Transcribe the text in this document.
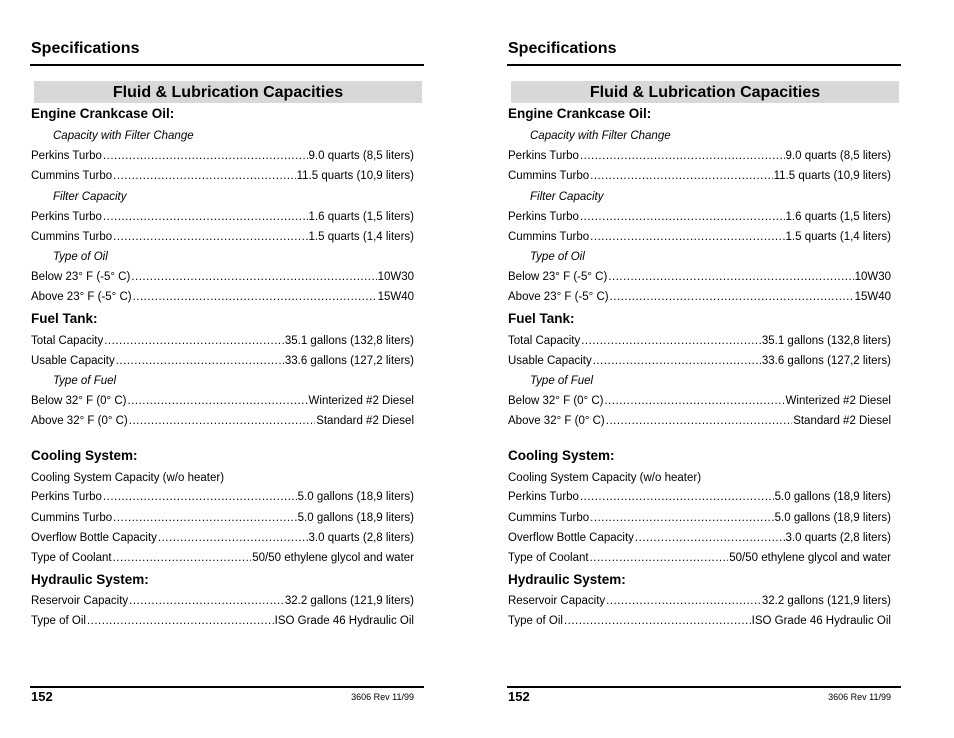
Specifications
Fluid & Lubrication Capacities
Engine Crankcase Oil:
Capacity with Filter Change
Perkins Turbo .....	9.0 quarts (8,5 liters)
Cummins Turbo .....	11.5 quarts (10,9 liters)
Filter Capacity
Perkins Turbo .....	1.6 quarts (1,5 liters)
Cummins Turbo .....	1.5 quarts (1,4 liters)
Type of Oil
Below 23° F (-5° C) .....	10W30
Above 23° F (-5° C) .....	15W40
Fuel Tank:
Total Capacity .....	35.1 gallons (132,8 liters)
Usable Capacity .....	33.6 gallons (127,2 liters)
Type of Fuel
Below 32° F (0° C) .....	Winterized #2 Diesel
Above 32° F (0° C) .....	Standard #2 Diesel
Cooling System:
Cooling System Capacity (w/o heater)
Perkins Turbo .....	5.0 gallons (18,9 liters)
Cummins Turbo .....	5.0 gallons (18,9 liters)
Overflow Bottle Capacity .....	3.0 quarts (2,8 liters)
Type of Coolant .....	50/50 ethylene glycol and water
Hydraulic System:
Reservoir Capacity .....	32.2 gallons (121,9 liters)
Type of Oil .....	ISO Grade 46 Hydraulic Oil
152	3606 Rev 11/99
Specifications
Fluid & Lubrication Capacities
Engine Crankcase Oil:
Capacity with Filter Change
Perkins Turbo .....	9.0 quarts (8,5 liters)
Cummins Turbo .....	11.5 quarts (10,9 liters)
Filter Capacity
Perkins Turbo .....	1.6 quarts (1,5 liters)
Cummins Turbo .....	1.5 quarts (1,4 liters)
Type of Oil
Below 23° F (-5° C) .....	10W30
Above 23° F (-5° C) .....	15W40
Fuel Tank:
Total Capacity .....	35.1 gallons (132,8 liters)
Usable Capacity .....	33.6 gallons (127,2 liters)
Type of Fuel
Below 32° F (0° C) .....	Winterized #2 Diesel
Above 32° F (0° C) .....	Standard #2 Diesel
Cooling System:
Cooling System Capacity (w/o heater)
Perkins Turbo .....	5.0 gallons (18,9 liters)
Cummins Turbo .....	5.0 gallons (18,9 liters)
Overflow Bottle Capacity .....	3.0 quarts (2,8 liters)
Type of Coolant .....	50/50 ethylene glycol and water
Hydraulic System:
Reservoir Capacity .....	32.2 gallons (121,9 liters)
Type of Oil .....	ISO Grade 46 Hydraulic Oil
152	3606 Rev 11/99
